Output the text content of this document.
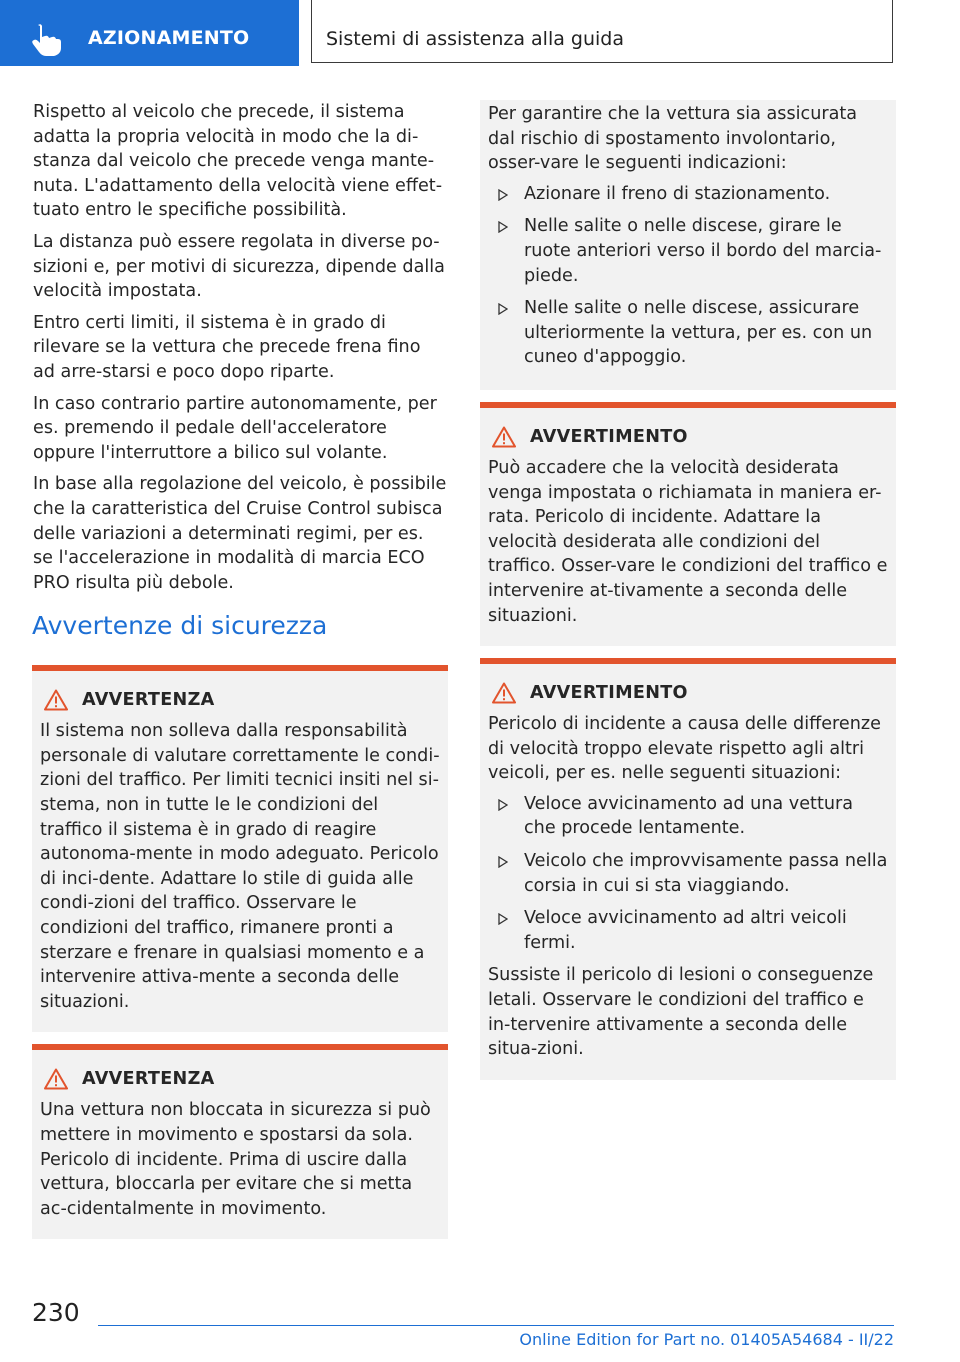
AZIONAMENTO	Sistemi di assistenza alla guida

Rispetto al veicolo che precede, il sistema adatta la propria velocità in modo che la di-stanza dal veicolo che precede venga mante-nuta. L'adattamento della velocità viene effet-tuato entro le specifiche possibilità.

La distanza può essere regolata in diverse po-sizioni e, per motivi di sicurezza, dipende dalla velocità impostata.

Entro certi limiti, il sistema è in grado di rilevare se la vettura che precede frena fino ad arre-starsi e poco dopo riparte.

In caso contrario partire autonomamente, per es. premendo il pedale dell'acceleratore oppure l'interruttore a bilico sul volante.

In base alla regolazione del veicolo, è possibile che la caratteristica del Cruise Control subisca delle variazioni a determinati regimi, per es. se l'accelerazione in modalità di marcia ECO PRO risulta più debole.

Avvertenze di sicurezza
AVVERTENZA

Il sistema non solleva dalla responsabilità personale di valutare correttamente le condi-zioni del traffico. Per limiti tecnici insiti nel si-stema, non in tutte le le condizioni del traffico il sistema è in grado di reagire autonoma-mente in modo adeguato. Pericolo di inci-dente. Adattare lo stile di guida alle condi-zioni del traffico. Osservare le condizioni del traffico, rimanere pronti a sterzare e frenare in qualsiasi momento e a intervenire attiva-mente a seconda delle situazioni.

AVVERTENZA

Una vettura non bloccata in sicurezza si può mettere in movimento e spostarsi da sola. Pericolo di incidente. Prima di uscire dalla vettura, bloccarla per evitare che si metta ac-cidentalmente in movimento.

Per garantire che la vettura sia assicurata dal rischio di spostamento involontario, osser-vare le seguenti indicazioni:

Azionare il freno di stazionamento.
Nelle salite o nelle discese, girare le ruote anteriori verso il bordo del marcia-piede.
Nelle salite o nelle discese, assicurare ulteriormente la vettura, per es. con un cuneo d'appoggio.
AVVERTIMENTO

Può accadere che la velocità desiderata venga impostata o richiamata in maniera er-rata. Pericolo di incidente. Adattare la velocità desiderata alle condizioni del traffico. Osser-vare le condizioni del traffico e intervenire at-tivamente a seconda delle situazioni.

AVVERTIMENTO

Pericolo di incidente a causa delle differenze di velocità troppo elevate rispetto agli altri veicoli, per es. nelle seguenti situazioni:

Veloce avvicinamento ad una vettura che procede lentamente.
Veicolo che improvvisamente passa nella corsia in cui si sta viaggiando.
Veloce avvicinamento ad altri veicoli fermi.

Sussiste il pericolo di lesioni o conseguenze letali. Osservare le condizioni del traffico e in-tervenire attivamente a seconda delle situa-zioni.

230
Online Edition for Part no. 01405A54684 - II/22
